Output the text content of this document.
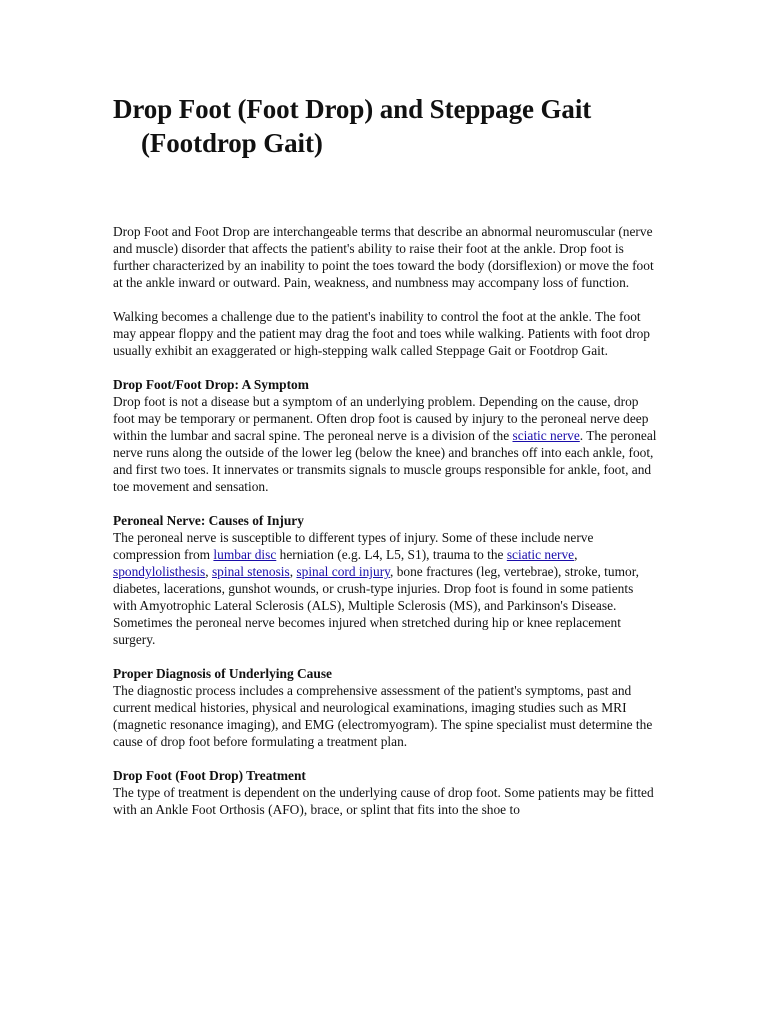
Drop Foot (Foot Drop) and Steppage Gait (Footdrop Gait)

Drop Foot and Foot Drop are interchangeable terms that describe an abnormal neuromuscular (nerve and muscle) disorder that affects the patient's ability to raise their foot at the ankle. Drop foot is further characterized by an inability to point the toes toward the body (dorsiflexion) or move the foot at the ankle inward or outward. Pain, weakness, and numbness may accompany loss of function.

Walking becomes a challenge due to the patient's inability to control the foot at the ankle. The foot may appear floppy and the patient may drag the foot and toes while walking. Patients with foot drop usually exhibit an exaggerated or high-stepping walk called Steppage Gait or Footdrop Gait.

Drop Foot/Foot Drop: A Symptom
Drop foot is not a disease but a symptom of an underlying problem. Depending on the cause, drop foot may be temporary or permanent. Often drop foot is caused by injury to the peroneal nerve deep within the lumbar and sacral spine. The peroneal nerve is a division of the sciatic nerve. The peroneal nerve runs along the outside of the lower leg (below the knee) and branches off into each ankle, foot, and first two toes. It innervates or transmits signals to muscle groups responsible for ankle, foot, and toe movement and sensation.

Peroneal Nerve: Causes of Injury
The peroneal nerve is susceptible to different types of injury. Some of these include nerve compression from lumbar disc herniation (e.g. L4, L5, S1), trauma to the sciatic nerve, spondylolisthesis, spinal stenosis, spinal cord injury, bone fractures (leg, vertebrae), stroke, tumor, diabetes, lacerations, gunshot wounds, or crush-type injuries. Drop foot is found in some patients with Amyotrophic Lateral Sclerosis (ALS), Multiple Sclerosis (MS), and Parkinson's Disease. Sometimes the peroneal nerve becomes injured when stretched during hip or knee replacement surgery.

Proper Diagnosis of Underlying Cause
The diagnostic process includes a comprehensive assessment of the patient's symptoms, past and current medical histories, physical and neurological examinations, imaging studies such as MRI (magnetic resonance imaging), and EMG (electromyogram). The spine specialist must determine the cause of drop foot before formulating a treatment plan.

Drop Foot (Foot Drop) Treatment
The type of treatment is dependent on the underlying cause of drop foot. Some patients may be fitted with an Ankle Foot Orthosis (AFO), brace, or splint that fits into the shoe to
